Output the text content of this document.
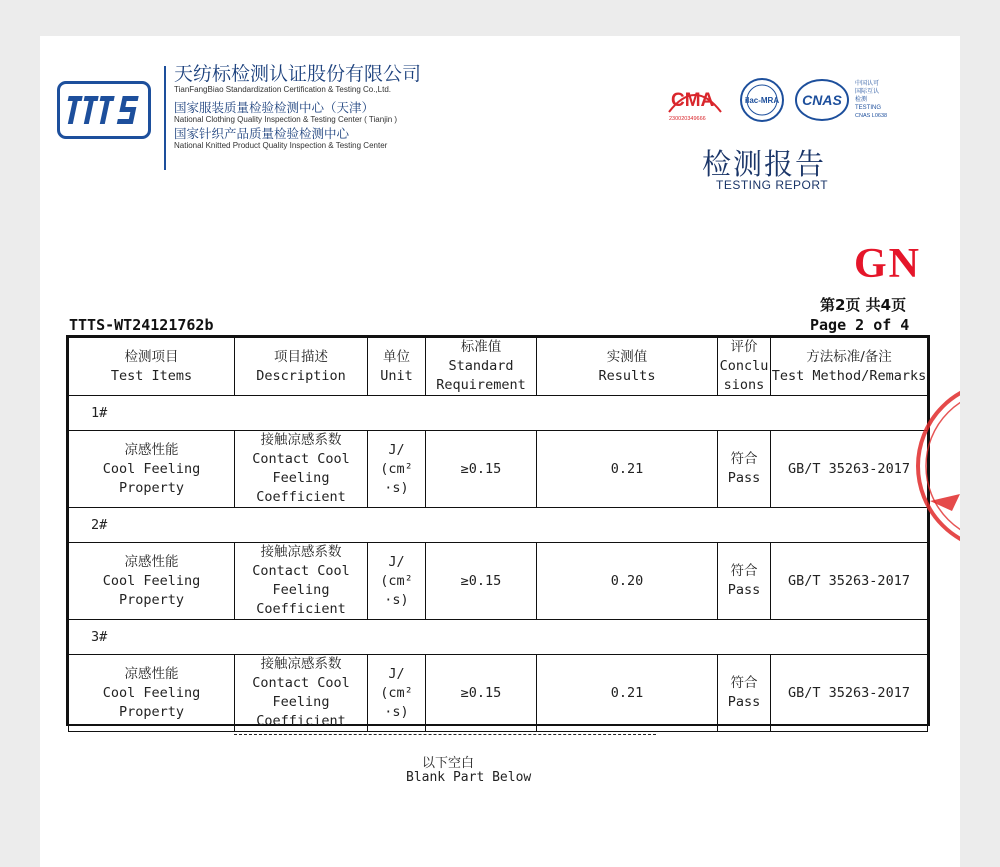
天纺标检测认证股份有限公司
TianFangBiao Standardization Certification & Testing Co.,Ltd.
国家服装质量检验检测中心（天津）
National Clothing Quality Inspection & Testing Center ( Tianjin )
国家针织产品质量检验检测中心
National Knitted Product Quality Inspection & Testing Center
CMA
230020349666
ilac-MRA CNAS
中国认可
国际互认
检测
TESTING
CNAS L0638
检测报告
TESTING REPORT
GN
第2页 共4页
Page 2 of 4
TTTS-WT24121762b
检测项目
Test Items	项目描述
Description	单位
Unit	标准值
Standard
Requirement	实测值
Results	评价
Conclu
sions	方法标准/备注
Test Method/Remarks

1#						

凉感性能
Cool Feeling
Property	接触凉感系数
Contact Cool
Feeling
Coefficient	J/
(cm²
·s)	≥0.15	0.21	符合
Pass	GB/T 35263-2017
2#						

凉感性能
Cool Feeling
Property	接触凉感系数
Contact Cool
Feeling
Coefficient	J/
(cm²
·s)	≥0.15	0.20	符合
Pass	GB/T 35263-2017
3#						

凉感性能
Cool Feeling
Property	接触凉感系数
Contact Cool
Feeling
Coefficient	J/
(cm²
·s)	≥0.15	0.21	符合
Pass	GB/T 35263-2017
以下空白
Blank Part Below
